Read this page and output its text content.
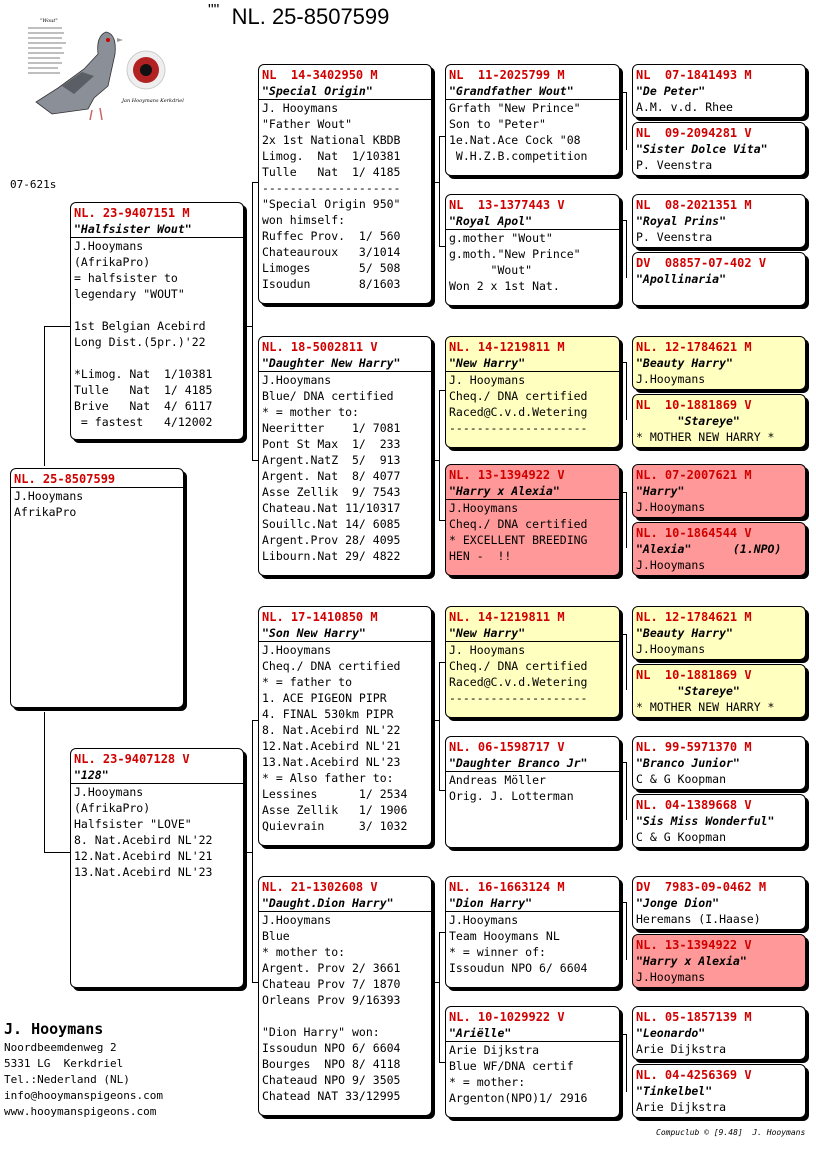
"" NL. 25-8507599
"Wout"
Jan Hooymans Kerkdriel
07-621s
NL. 25-8507599
J.Hooymans
AfrikaPro
NL. 23-9407151 M
"Halfsister Wout"
J.Hooymans
(AfrikaPro)
= halfsister to
legendary "WOUT"

1st Belgian Acebird
Long Dist.(5pr.)'22

*Limog. Nat  1/10381
Tulle   Nat  1/ 4185
Brive   Nat  4/ 6117
= fastest   4/12002
NL. 23-9407128 V
"128"
J.Hooymans
(AfrikaPro)
Halfsister "LOVE"
8. Nat.Acebird NL'22
12.Nat.Acebird NL'21
13.Nat.Acebird NL'23
NL  14-3402950 M
"Special Origin"
J. Hooymans
"Father Wout"
2x 1st National KBDB
Limog.  Nat  1/10381
Tulle   Nat  1/ 4185
--------------------
"Special Origin 950"
won himself:
Ruffec Prov.  1/ 560
Chateauroux   3/1014
Limoges       5/ 508
Isoudun       8/1603
NL. 18-5002811 V
"Daughter New Harry"
J.Hooymans
Blue/ DNA certified
* = mother to:
Neeritter    1/ 7081
Pont St Max  1/  233
Argent.NatZ  5/  913
Argent. Nat  8/ 4077
Asse Zellik  9/ 7543
Chateau.Nat 11/10317
Souillc.Nat 14/ 6085
Argent.Prov 28/ 4095
Libourn.Nat 29/ 4822
NL. 17-1410850 M
"Son New Harry"
J.Hooymans
Cheq./ DNA certified
* = father to
1. ACE PIGEON PIPR
4. FINAL 530km PIPR
8. Nat.Acebird NL'22
12.Nat.Acebird NL'21
13.Nat.Acebird NL'23
* = Also father to:
Lessines      1/ 2534
Asse Zellik   1/ 1906
Quievrain     3/ 1032
NL. 21-1302608 V
"Daught.Dion Harry"
J.Hooymans
Blue
* mother to:
Argent. Prov 2/ 3661
Chateau Prov 7/ 1870
Orleans Prov 9/16393

"Dion Harry" won:
Issoudun NPO 6/ 6604
Bourges  NPO 8/ 4118
Chateaud NPO 9/ 3505
Chatead NAT 33/12995
NL  11-2025799 M
"Grandfather Wout"
Grfath "New Prince"
Son to "Peter"
1e.Nat.Ace Cock "08
W.H.Z.B.competition
NL  13-1377443 V
"Royal Apol"
g.mother "Wout"
g.moth."New Prince"
"Wout"
Won 2 x 1st Nat.
NL. 14-1219811 M
"New Harry"
J. Hooymans
Cheq./ DNA certified
Raced@C.v.d.Wetering
--------------------
NL. 13-1394922 V
"Harry x Alexia"
J.Hooymans
Cheq./ DNA certified
* EXCELLENT BREEDING
HEN -  !!
NL. 14-1219811 M
"New Harry"
J. Hooymans
Cheq./ DNA certified
Raced@C.v.d.Wetering
--------------------
NL. 06-1598717 V
"Daughter Branco Jr"
Andreas Möller
Orig. J. Lotterman
NL. 16-1663124 M
"Dion Harry"
J.Hooymans
Team Hooymans NL
* = winner of:
Issoudun NPO 6/ 6604
NL. 10-1029922 V
"Ariëlle"
Arie Dijkstra
Blue WF/DNA certif
* = mother:
Argenton(NPO)1/ 2916
NL  07-1841493 M
"De Peter"
A.M. v.d. Rhee
NL  09-2094281 V
"Sister Dolce Vita"
P. Veenstra
NL  08-2021351 M
"Royal Prins"
P. Veenstra
DV  08857-07-402 V
"Apollinaria"
NL. 12-1784621 M
"Beauty Harry"
J.Hooymans
NL  10-1881869 V
"Stareye"
* MOTHER NEW HARRY *
NL. 07-2007621 M
"Harry"
J.Hooymans
NL. 10-1864544 V
"Alexia"      (1.NPO)
J.Hooymans
NL. 12-1784621 M
"Beauty Harry"
J.Hooymans
NL  10-1881869 V
"Stareye"
* MOTHER NEW HARRY *
NL. 99-5971370 M
"Branco Junior"
C & G Koopman
NL. 04-1389668 V
"Sis Miss Wonderful"
C & G Koopman
DV  7983-09-0462 M
"Jonge Dion"
Heremans (I.Haase)
NL. 13-1394922 V
"Harry x Alexia"
J.Hooymans
NL. 05-1857139 M
"Leonardo"
Arie Dijkstra
NL. 04-4256369 V
"Tinkelbel"
Arie Dijkstra
J. Hooymans
Noordbeemdenweg 2
5331 LG  Kerkdriel
Tel.:Nederland (NL)
info@hooymanspigeons.com
www.hooymanspigeons.com
Compuclub © [9.48]  J. Hooymans
